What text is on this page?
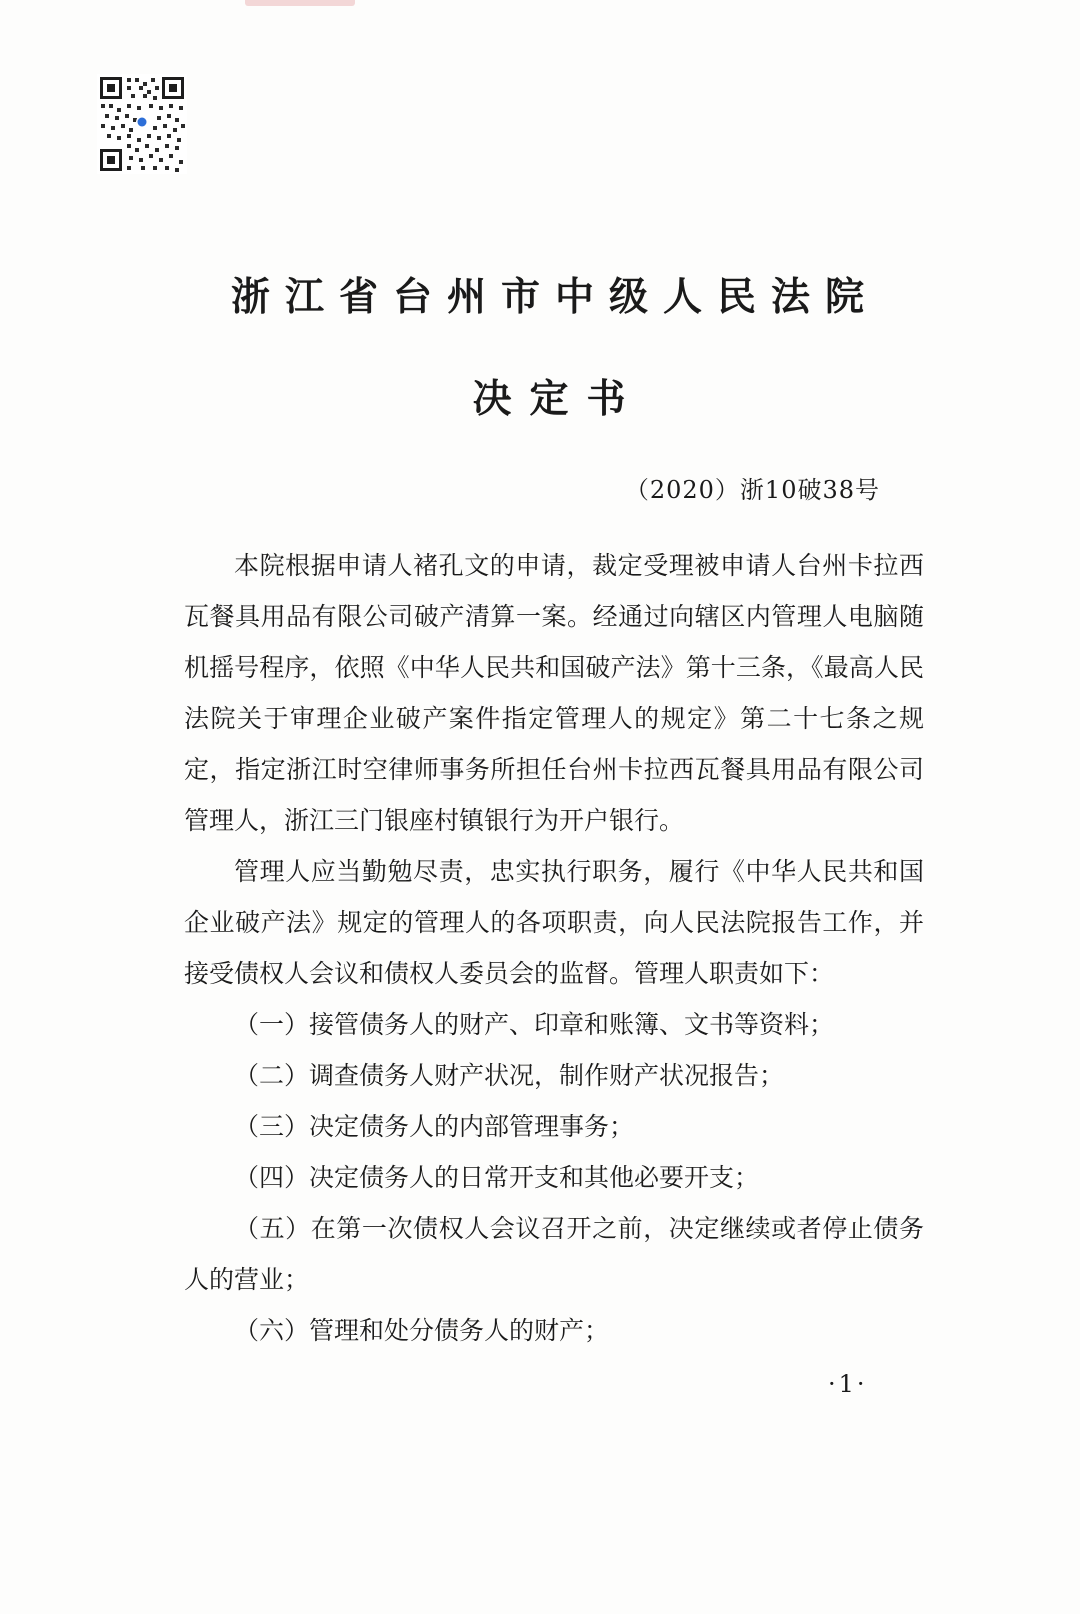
浙江省台州市中级人民法院
决定书
（2020）浙10破38号

本院根据申请人褚孔文的申请，裁定受理被申请人台州卡拉西瓦餐具用品有限公司破产清算一案。经通过向辖区内管理人电脑随机摇号程序，依照《中华人民共和国破产法》第十三条，《最高人民法院关于审理企业破产案件指定管理人的规定》第二十七条之规定，指定浙江时空律师事务所担任台州卡拉西瓦餐具用品有限公司管理人，浙江三门银座村镇银行为开户银行。

管理人应当勤勉尽责，忠实执行职务，履行《中华人民共和国企业破产法》规定的管理人的各项职责，向人民法院报告工作，并接受债权人会议和债权人委员会的监督。管理人职责如下：

（一）接管债务人的财产、印章和账簿、文书等资料；

（二）调查债务人财产状况，制作财产状况报告；

（三）决定债务人的内部管理事务；

（四）决定债务人的日常开支和其他必要开支；

（五）在第一次债权人会议召开之前，决定继续或者停止债务人的营业；

（六）管理和处分债务人的财产；

·1·
